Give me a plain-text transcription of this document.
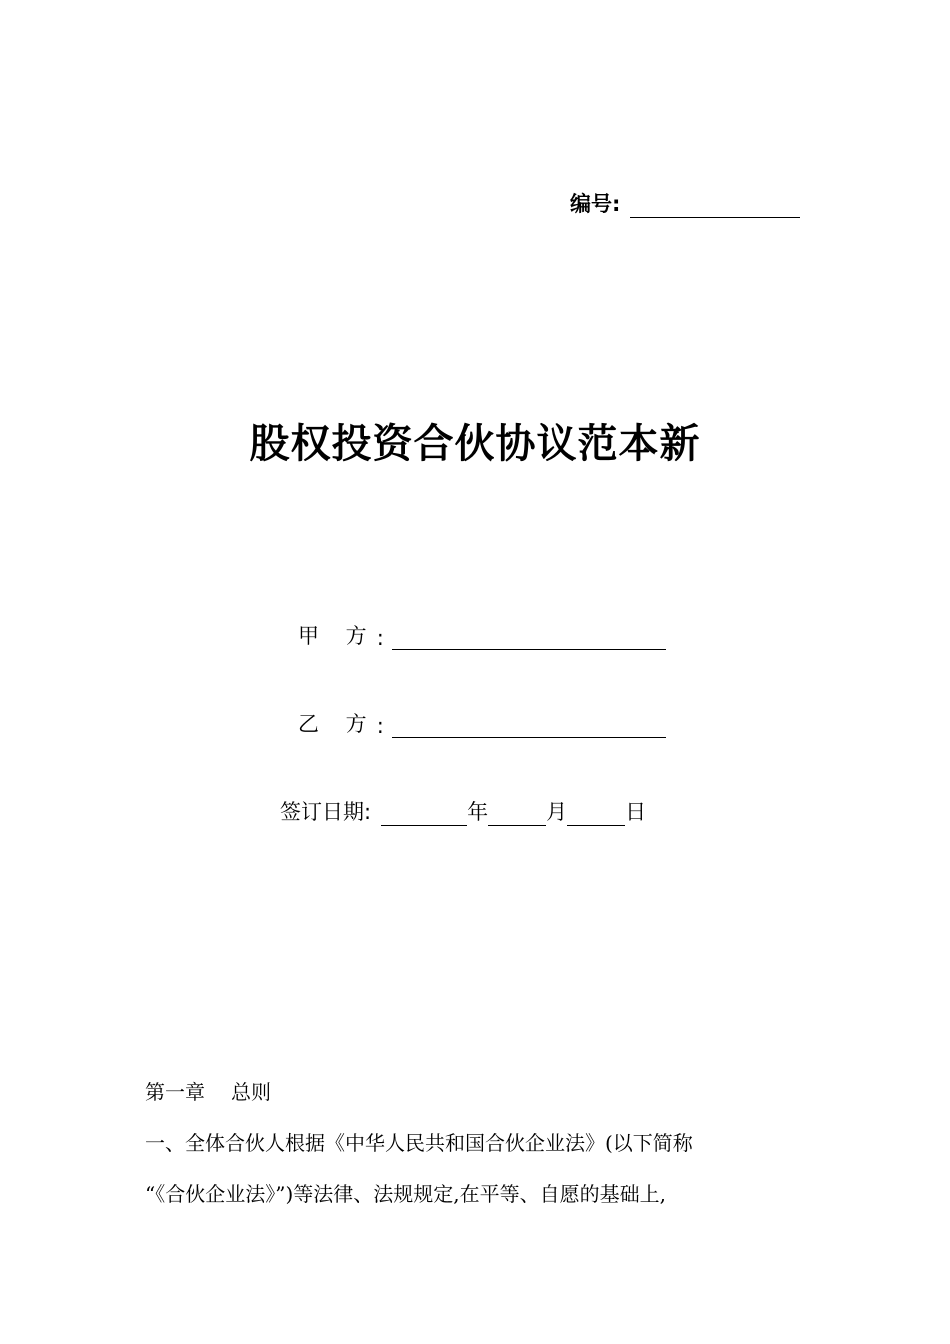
编号:
股权投资合伙协议范本新
甲 方 :
乙 方 :
签订日期:	年	月	日
第一章 总则
一、全体合伙人根据《中华人民共和国合伙企业法》(以下简称
“《合伙企业法》”)等法律、法规规定,在平等、自愿的基础上,
